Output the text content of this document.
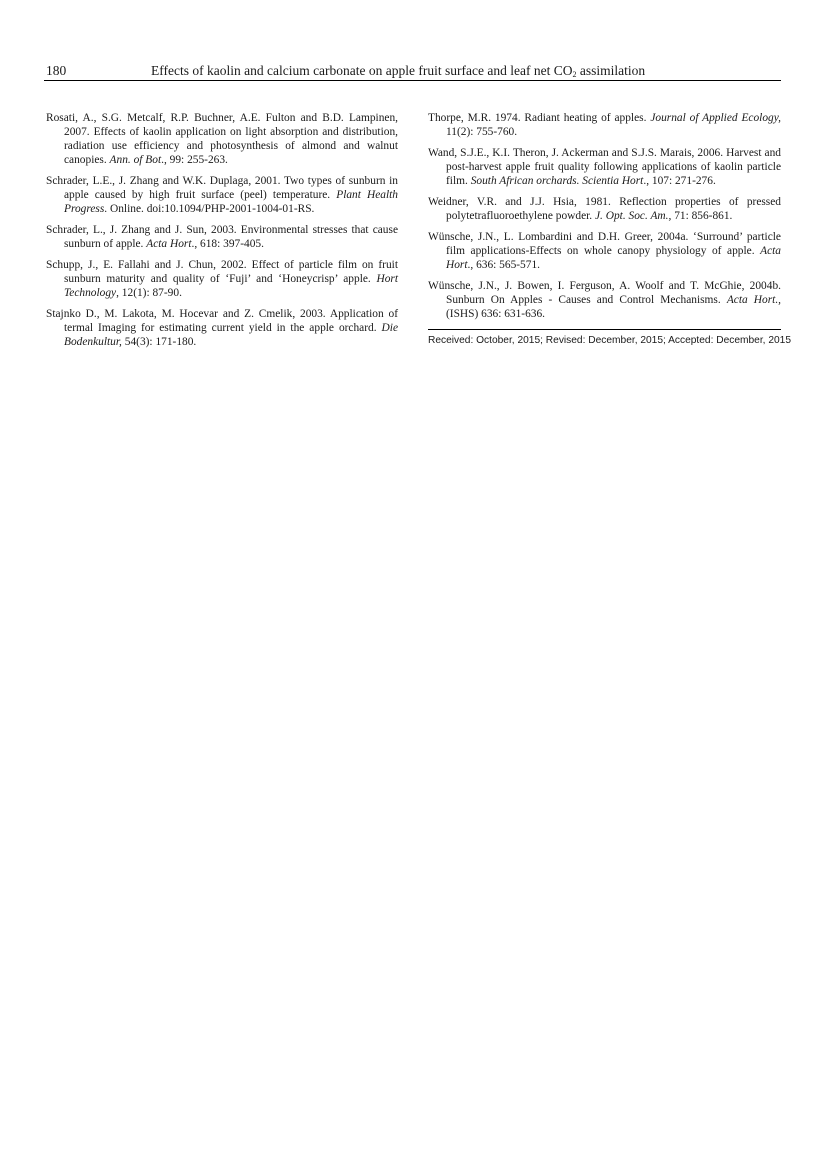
180	Effects of kaolin and calcium carbonate on apple fruit surface and leaf net $CO_2$ assimilation

Rosati, A., S.G. Metcalf, R.P. Buchner, A.E. Fulton and B.D. Lampinen, 2007. Effects of kaolin application on light absorption and distribution, radiation use efficiency and photosynthesis of almond and walnut canopies. Ann. of Bot., 99: 255-263.

Schrader, L.E., J. Zhang and W.K. Duplaga, 2001. Two types of sunburn in apple caused by high fruit surface (peel) temperature. Plant Health Progress. Online. doi:10.1094/PHP-2001-1004-01-RS.

Schrader, L., J. Zhang and J. Sun, 2003. Environmental stresses that cause sunburn of apple. Acta Hort., 618: 397-405.

Schupp, J., E. Fallahi and J. Chun, 2002. Effect of particle film on fruit sunburn maturity and quality of ‘Fuji’ and ‘Honeycrisp’ apple. Hort Technology, 12(1): 87-90.

Stajnko D., M. Lakota, M. Hocevar and Z. Cmelik, 2003. Application of termal Imaging for estimating current yield in the apple orchard. Die Bodenkultur, 54(3): 171-180.

Thorpe, M.R. 1974. Radiant heating of apples. Journal of Applied Ecology, 11(2): 755-760.

Wand, S.J.E., K.I. Theron, J. Ackerman and S.J.S. Marais, 2006. Harvest and post-harvest apple fruit quality following applications of kaolin particle film. South African orchards. Scientia Hort., 107: 271-276.

Weidner, V.R. and J.J. Hsia, 1981. Reflection properties of pressed polytetrafluoroethylene powder. J. Opt. Soc. Am., 71: 856-861.

Wünsche, J.N., L. Lombardini and D.H. Greer, 2004a. ‘Surround’ particle film applications-Effects on whole canopy physiology of apple. Acta Hort., 636: 565-571.

Wünsche, J.N., J. Bowen, I. Ferguson, A. Woolf and T. McGhie, 2004b. Sunburn On Apples - Causes and Control Mechanisms. Acta Hort., (ISHS) 636: 631-636.

Received: October, 2015; Revised: December, 2015; Accepted: December, 2015
